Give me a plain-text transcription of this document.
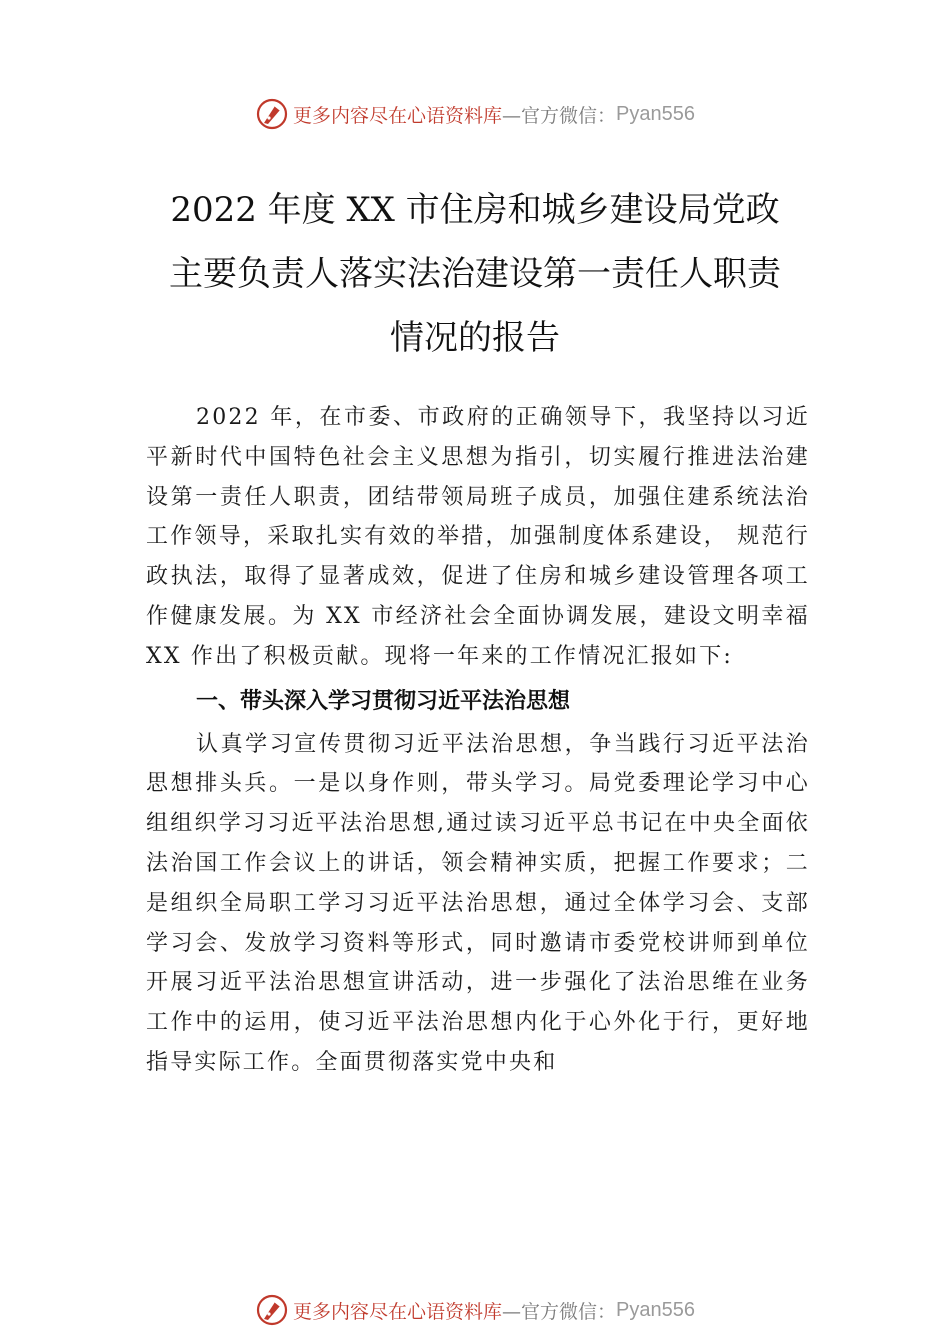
更多内容尽在心语资料库 —官方微信： Pyan556
2022 年度 XX 市住房和城乡建设局党政
主要负责人落实法治建设第一责任人职责
情况的报告

2022 年，在市委、市政府的正确领导下，我坚持以习近平新时代中国特色社会主义思想为指引，切实履行推进法治建设第一责任人职责，团结带领局班子成员，加强住建系统法治工作领导，采取扎实有效的举措，加强制度体系建设， 规范行政执法，取得了显著成效，促进了住房和城乡建设管理各项工作健康发展。为 XX 市经济社会全面协调发展，建设文明幸福 XX 作出了积极贡献。现将一年来的工作情况汇报如下:

一、带头深入学习贯彻习近平法治思想

认真学习宣传贯彻习近平法治思想，争当践行习近平法治思想排头兵。一是以身作则，带头学习。局党委理论学习中心组组织学习习近平法治思想,通过读习近平总书记在中央全面依法治国工作会议上的讲话，领会精神实质，把握工作要求；二是组织全局职工学习习近平法治思想，通过全体学习会、支部学习会、发放学习资料等形式，同时邀请市委党校讲师到单位开展习近平法治思想宣讲活动，进一步强化了法治思维在业务工作中的运用，使习近平法治思想内化于心外化于行，更好地指导实际工作。全面贯彻落实党中央和

更多内容尽在心语资料库 —官方微信： Pyan556
